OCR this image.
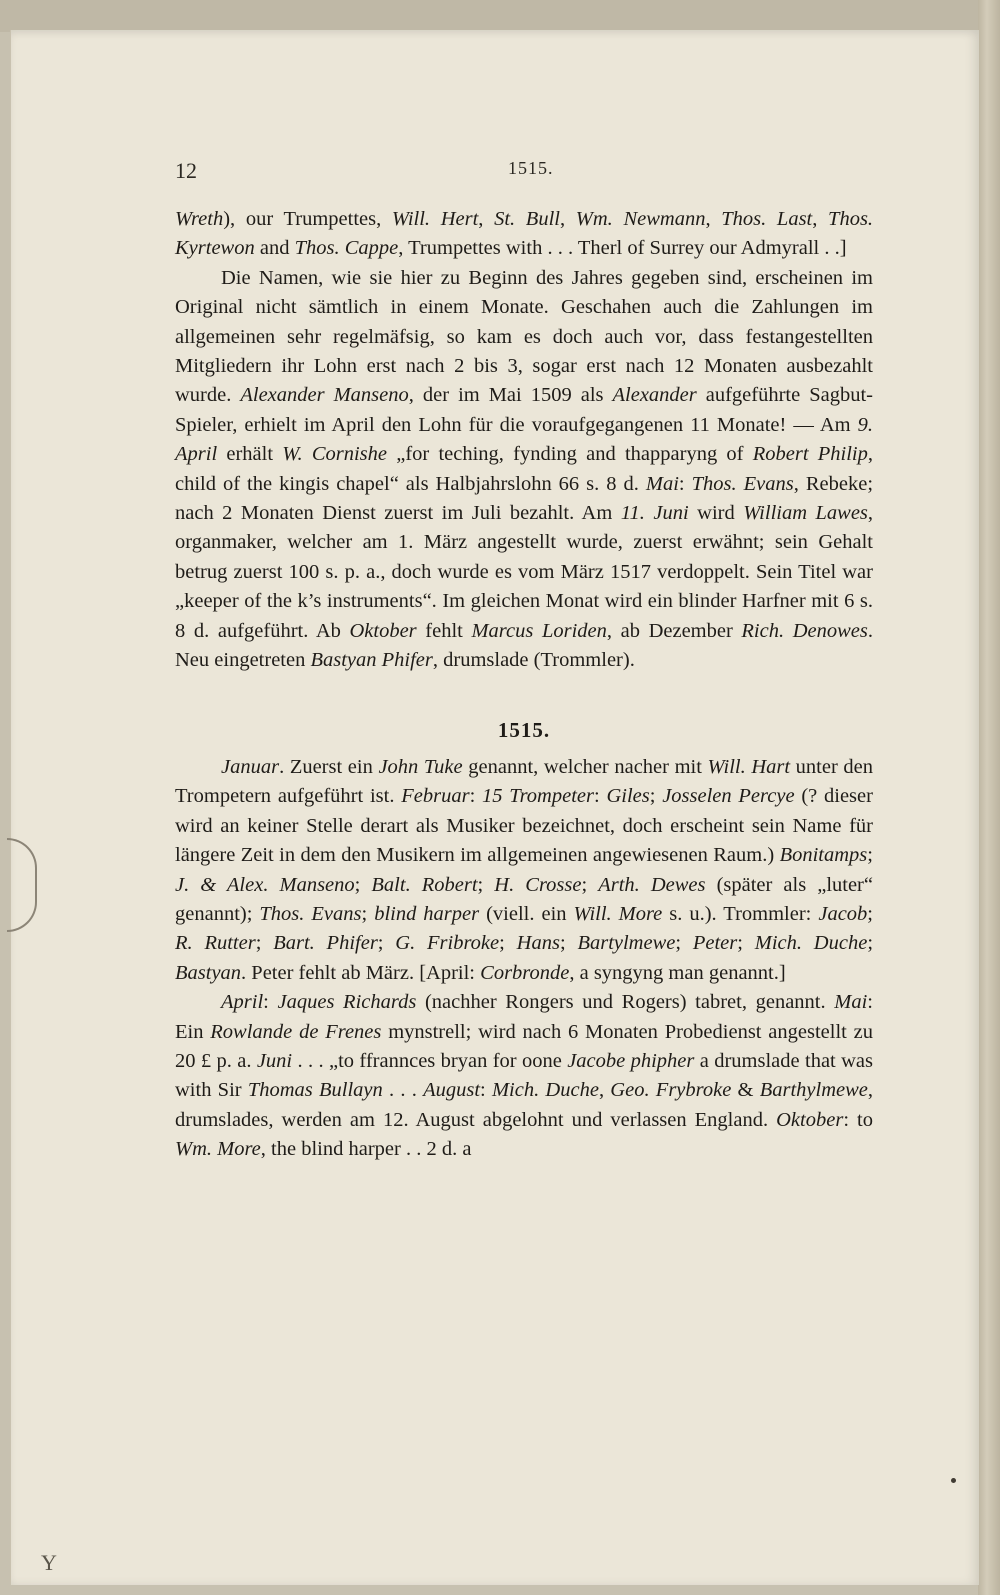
Y
12	1515.

Wreth), our Trumpettes, Will. Hert, St. Bull, Wm. Newmann, Thos. Last, Thos. Kyrtewon and Thos. Cappe, Trumpettes with . . . Therl of Surrey our Admyrall . .]

Die Namen, wie sie hier zu Beginn des Jahres gegeben sind, erscheinen im Original nicht sämtlich in einem Monate. Geschahen auch die Zahlungen im allgemeinen sehr regelmäfsig, so kam es doch auch vor, dass festangestellten Mitgliedern ihr Lohn erst nach 2 bis 3, sogar erst nach 12 Monaten ausbezahlt wurde. Alexander Manseno, der im Mai 1509 als Alexander aufgeführte Sagbut-Spieler, erhielt im April den Lohn für die voraufgegangenen 11 Monate! — Am 9. April erhält W. Cornishe „for teching, fynding and thapparyng of Robert Philip, child of the kingis chapel“ als Halbjahrslohn 66 s. 8 d. Mai: Thos. Evans, Rebeke; nach 2 Monaten Dienst zuerst im Juli bezahlt. Am 11. Juni wird William Lawes, organmaker, welcher am 1. März angestellt wurde, zuerst erwähnt; sein Gehalt betrug zuerst 100 s. p. a., doch wurde es vom März 1517 verdoppelt. Sein Titel war „keeper of the k’s instruments“. Im gleichen Monat wird ein blinder Harfner mit 6 s. 8 d. aufgeführt. Ab Oktober fehlt Marcus Loriden, ab Dezember Rich. Denowes. Neu eingetreten Bastyan Phifer, drumslade (Trommler).

1515.

Januar. Zuerst ein John Tuke genannt, welcher nacher mit Will. Hart unter den Trompetern aufgeführt ist. Februar: 15 Trompeter: Giles; Josselen Percye (? dieser wird an keiner Stelle derart als Musiker bezeichnet, doch erscheint sein Name für längere Zeit in dem den Musikern im allgemeinen angewiesenen Raum.) Bonitamps; J. & Alex. Manseno; Balt. Robert; H. Crosse; Arth. Dewes (später als „luter“ genannt); Thos. Evans; blind harper (viell. ein Will. More s. u.). Trommler: Jacob; R. Rutter; Bart. Phifer; G. Fribroke; Hans; Bartylmewe; Peter; Mich. Duche; Bastyan. Peter fehlt ab März. [April: Corbronde, a syngyng man genannt.]

April: Jaques Richards (nachher Rongers und Rogers) tabret, genannt. Mai: Ein Rowlande de Frenes mynstrell; wird nach 6 Monaten Probedienst angestellt zu 20 £ p. a. Juni . . . „to ffrannces bryan for oone Jacobe phipher a drumslade that was with Sir Thomas Bullayn . . . August: Mich. Duche, Geo. Frybroke & Barthylmewe, drumslades, werden am 12. August abgelohnt und verlassen England. Oktober: to Wm. More, the blind harper . . 2 d. a
